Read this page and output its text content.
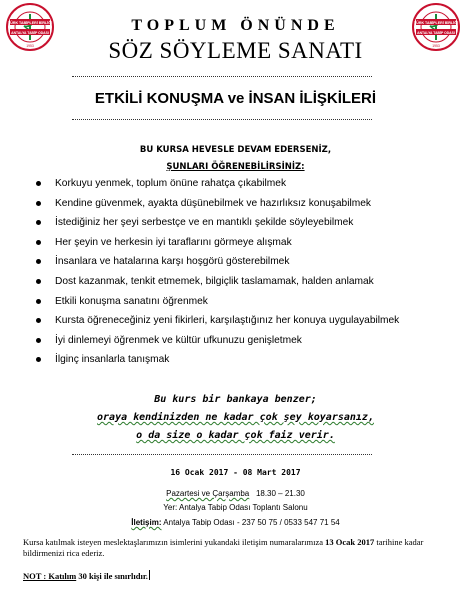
TÜRK TABİPLERİ BİRLİĞİ
ANTALYA TABİP ODASI
1953
TÜRK TABİPLERİ BİRLİĞİ
ANTALYA TABİP ODASI
1953
TOPLUM ÖNÜNDE
SÖZ SÖYLEME SANATI
ETKİLİ KONUŞMA ve İNSAN İLİŞKİLERİ
BU KURSA HEVESLE DEVAM EDERSENİZ,
ŞUNLARI ÖĞRENEBİLİRSİNİZ:
Korkuyu yenmek, toplum önüne rahatça çıkabilmek
Kendine güvenmek, ayakta düşünebilmek ve hazırlıksız konuşabilmek
İstediğiniz her şeyi serbestçe ve en mantıklı şekilde söyleyebilmek
Her şeyin ve herkesin iyi taraflarını görmeye alışmak
İnsanlara ve hatalarına karşı hoşgörü gösterebilmek
Dost kazanmak, tenkit etmemek, bilgiçlik taslamamak, halden anlamak
Etkili konuşma sanatını öğrenmek
Kursta öğreneceğiniz yeni fikirleri, karşılaştığınız her konuya uygulayabilmek
İyi dinlemeyi öğrenmek ve kültür ufkunuzu genişletmek
İlginç insanlarla tanışmak
Bu kurs bir bankaya benzer;
oraya kendinizden ne kadar çok şey koyarsanız,
o da size o kadar çok faiz verir.
16 Ocak 2017 - 08 Mart 2017
Pazartesi ve Çarşamba 18.30 – 21.30
Yer: Antalya Tabip Odası Toplantı Salonu
İletişim: Antalya Tabip Odası - 237 50 75 / 0533 547 71 54
Kursa katılmak isteyen meslektaşlarımızın isimlerini yukandaki iletişim numaralarımıza 13 Ocak 2017 tarihine kadar bildirmenizi rica ederiz.
NOT : Katılım 30 kişi ile sınırlıdır.
